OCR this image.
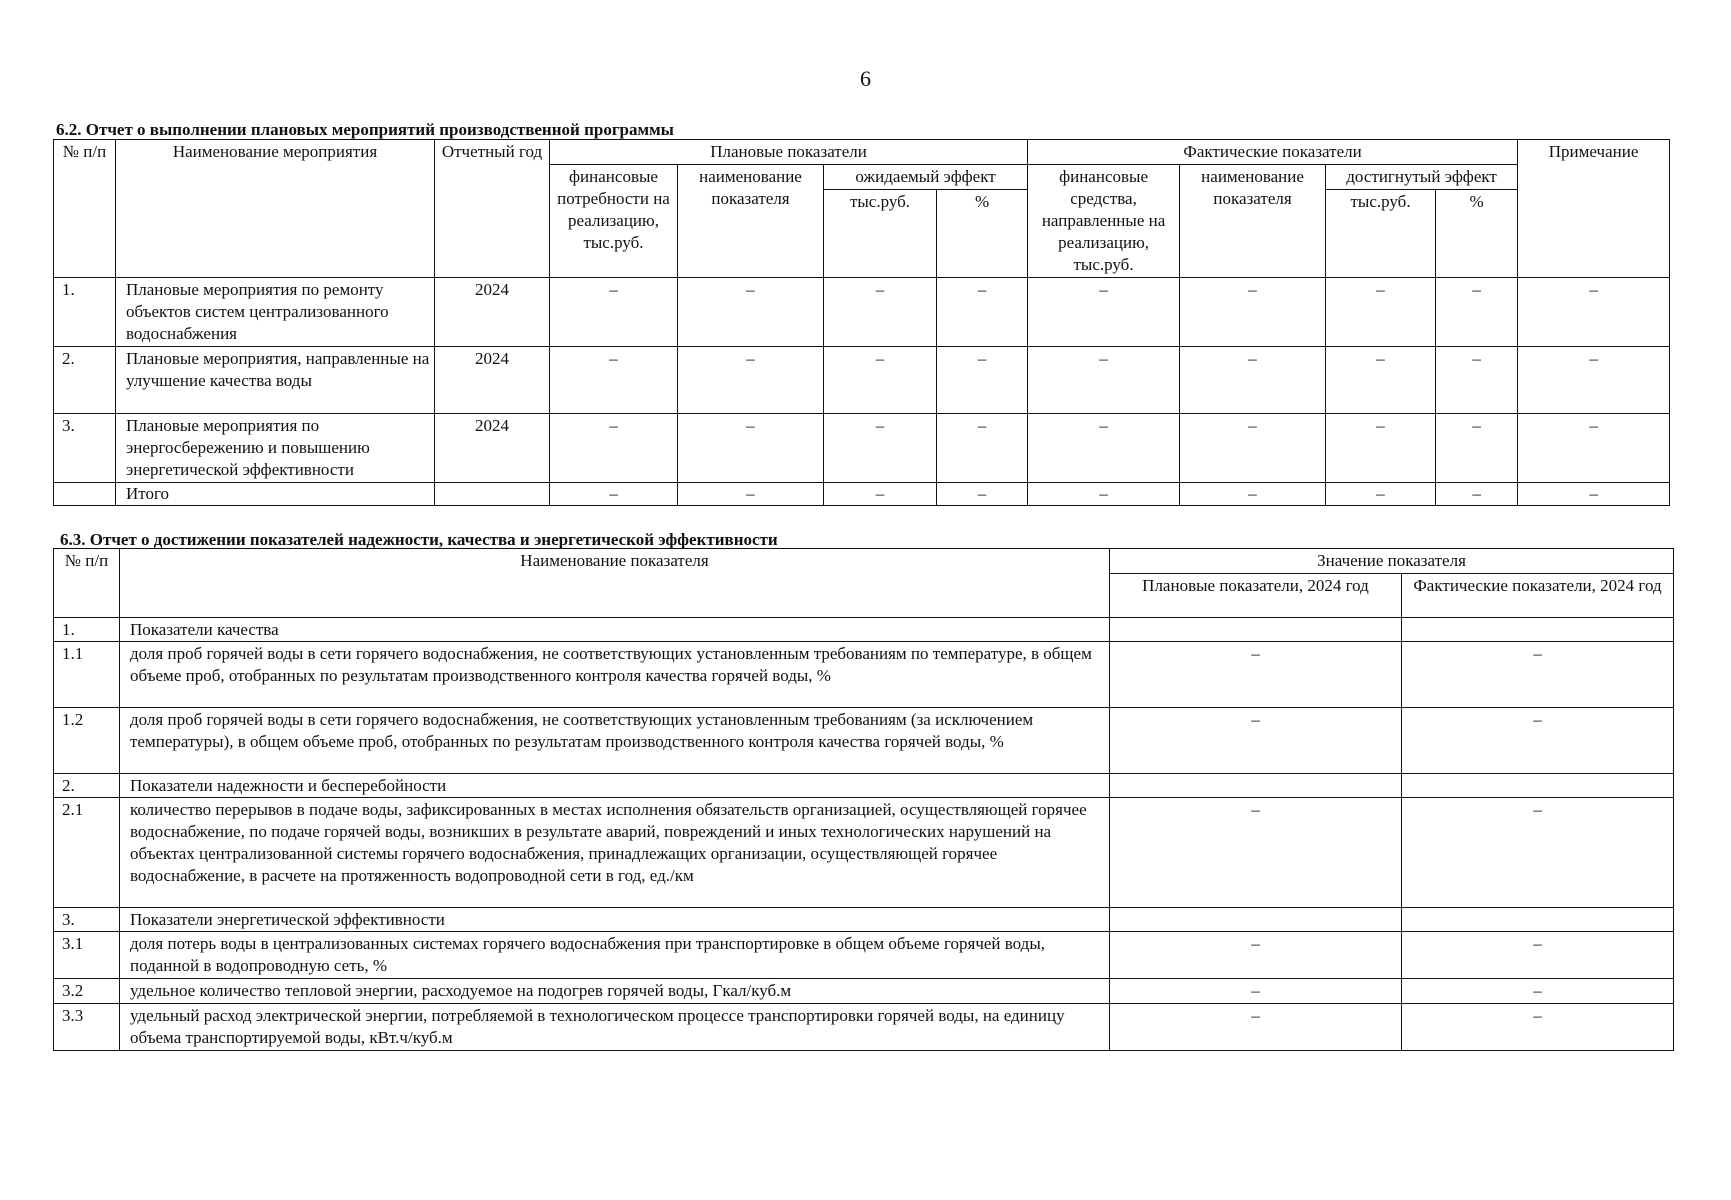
6
6.2. Отчет о выполнении плановых мероприятий производственной программы
№ п/п	Наименование мероприятия	Отчетный год	Плановые показатели				Фактические показатели				Примечание
			финансовые потребности на реализацию, тыс.руб.	наименование показателя	ожидаемый эффект		финансовые средства, направленные на реализацию, тыс.руб.	наименование показателя	достигнутый эффект		
					тыс.руб.	%			тыс.руб.	%	
1.	Плановые мероприятия по ремонту объектов систем централизованного водоснабжения	2024	–	–	–	–	–	–	–	–	–
2.	Плановые мероприятия, направленные на улучшение качества воды	2024	–	–	–	–	–	–	–	–	–
3.	Плановые мероприятия по энергосбережению и повышению энергетической эффективности	2024	–	–	–	–	–	–	–	–	–
	Итого		–	–	–	–	–	–	–	–	–
6.3. Отчет о достижении показателей надежности, качества и энергетической эффективности
№ п/п	Наименование показателя	Значение показателя	
		Плановые показатели, 2024 год	Фактические показатели, 2024 год
1.	Показатели качества		
1.1	доля проб горячей воды в сети горячего водоснабжения, не соответствующих установленным требованиям по температуре, в общем объеме проб, отобранных по результатам производственного контроля качества горячей воды, %	–	–
1.2	доля проб горячей воды в сети горячего водоснабжения, не соответствующих установленным требованиям (за исключением температуры), в общем объеме проб, отобранных по результатам производственного контроля качества горячей воды, %	–	–
2.	Показатели надежности и бесперебойности		
2.1	количество перерывов в подаче воды, зафиксированных в местах исполнения обязательств организацией, осуществляющей горячее водоснабжение, по подаче горячей воды, возникших в результате аварий, повреждений и иных технологических нарушений на объектах централизованной системы горячего водоснабжения, принадлежащих организации, осуществляющей горячее водоснабжение, в расчете на протяженность водопроводной сети в год, ед./км	–	–
3.	Показатели энергетической эффективности		
3.1	доля потерь воды в централизованных системах горячего водоснабжения при транспортировке в общем объеме горячей воды, поданной в водопроводную сеть, %	–	–
3.2	удельное количество тепловой энергии, расходуемое на подогрев горячей воды, Гкал/куб.м	–	–
3.3	удельный расход электрической энергии, потребляемой в технологическом процессе транспортировки горячей воды, на единицу объема транспортируемой воды, кВт.ч/куб.м	–	–
